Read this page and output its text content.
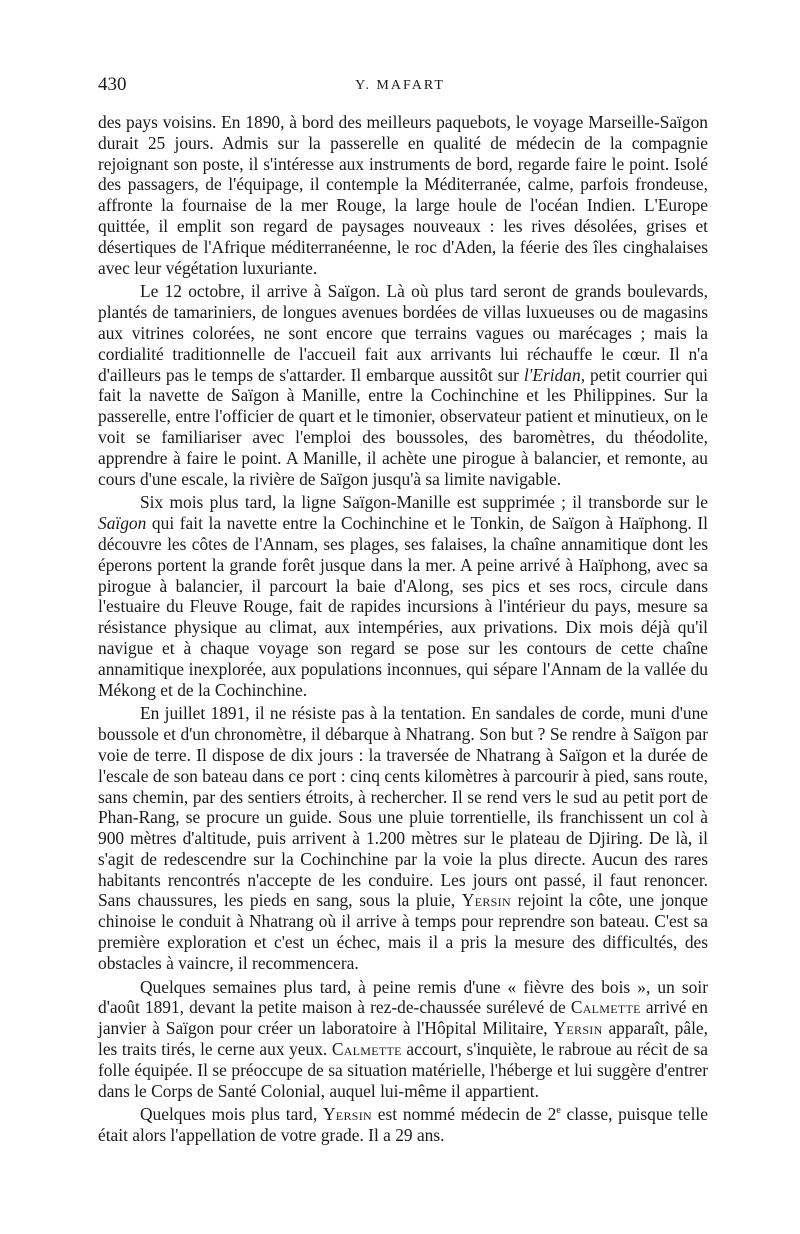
430	Y. MAFART

des pays voisins. En 1890, à bord des meilleurs paquebots, le voyage Marseille-Saïgon durait 25 jours. Admis sur la passerelle en qualité de médecin de la compagnie rejoignant son poste, il s'intéresse aux instruments de bord, regarde faire le point. Isolé des passagers, de l'équipage, il contemple la Méditerranée, calme, parfois frondeuse, affronte la fournaise de la mer Rouge, la large houle de l'océan Indien. L'Europe quittée, il emplit son regard de paysages nouveaux : les rives désolées, grises et désertiques de l'Afrique méditerranéenne, le roc d'Aden, la féerie des îles cinghalaises avec leur végétation luxuriante.

Le 12 octobre, il arrive à Saïgon. Là où plus tard seront de grands boulevards, plantés de tamariniers, de longues avenues bordées de villas luxueuses ou de magasins aux vitrines colorées, ne sont encore que terrains vagues ou marécages ; mais la cordialité traditionnelle de l'accueil fait aux arrivants lui réchauffe le cœur. Il n'a d'ailleurs pas le temps de s'attarder. Il embarque aussitôt sur l'Eridan, petit courrier qui fait la navette de Saïgon à Manille, entre la Cochinchine et les Philippines. Sur la passerelle, entre l'officier de quart et le timonier, observateur patient et minutieux, on le voit se familiariser avec l'emploi des boussoles, des baromètres, du théodolite, apprendre à faire le point. A Manille, il achète une pirogue à balancier, et remonte, au cours d'une escale, la rivière de Saïgon jusqu'à sa limite navigable.

Six mois plus tard, la ligne Saïgon-Manille est supprimée ; il transborde sur le Saïgon qui fait la navette entre la Cochinchine et le Tonkin, de Saïgon à Haïphong. Il découvre les côtes de l'Annam, ses plages, ses falaises, la chaîne annamitique dont les éperons portent la grande forêt jusque dans la mer. A peine arrivé à Haïphong, avec sa pirogue à balancier, il parcourt la baie d'Along, ses pics et ses rocs, circule dans l'estuaire du Fleuve Rouge, fait de rapides incursions à l'intérieur du pays, mesure sa résistance physique au climat, aux intempéries, aux privations. Dix mois déjà qu'il navigue et à chaque voyage son regard se pose sur les contours de cette chaîne annamitique inexplorée, aux populations inconnues, qui sépare l'Annam de la vallée du Mékong et de la Cochinchine.

En juillet 1891, il ne résiste pas à la tentation. En sandales de corde, muni d'une boussole et d'un chronomètre, il débarque à Nhatrang. Son but ? Se rendre à Saïgon par voie de terre. Il dispose de dix jours : la traversée de Nhatrang à Saïgon et la durée de l'escale de son bateau dans ce port : cinq cents kilomètres à parcourir à pied, sans route, sans chemin, par des sentiers étroits, à rechercher. Il se rend vers le sud au petit port de Phan-Rang, se procure un guide. Sous une pluie torrentielle, ils franchissent un col à 900 mètres d'altitude, puis arrivent à 1.200 mètres sur le plateau de Djiring. De là, il s'agit de redescendre sur la Cochinchine par la voie la plus directe. Aucun des rares habitants rencontrés n'accepte de les conduire. Les jours ont passé, il faut renoncer. Sans chaussures, les pieds en sang, sous la pluie, Yersin rejoint la côte, une jonque chinoise le conduit à Nhatrang où il arrive à temps pour reprendre son bateau. C'est sa première exploration et c'est un échec, mais il a pris la mesure des difficultés, des obstacles à vaincre, il recommencera.

Quelques semaines plus tard, à peine remis d'une « fièvre des bois », un soir d'août 1891, devant la petite maison à rez-de-chaussée surélevé de Calmette arrivé en janvier à Saïgon pour créer un laboratoire à l'Hôpital Militaire, Yersin apparaît, pâle, les traits tirés, le cerne aux yeux. Calmette accourt, s'inquiète, le rabroue au récit de sa folle équipée. Il se préoccupe de sa situation matérielle, l'héberge et lui suggère d'entrer dans le Corps de Santé Colonial, auquel lui-même il appartient.

Quelques mois plus tard, Yersin est nommé médecin de 2e classe, puisque telle était alors l'appellation de votre grade. Il a 29 ans.
